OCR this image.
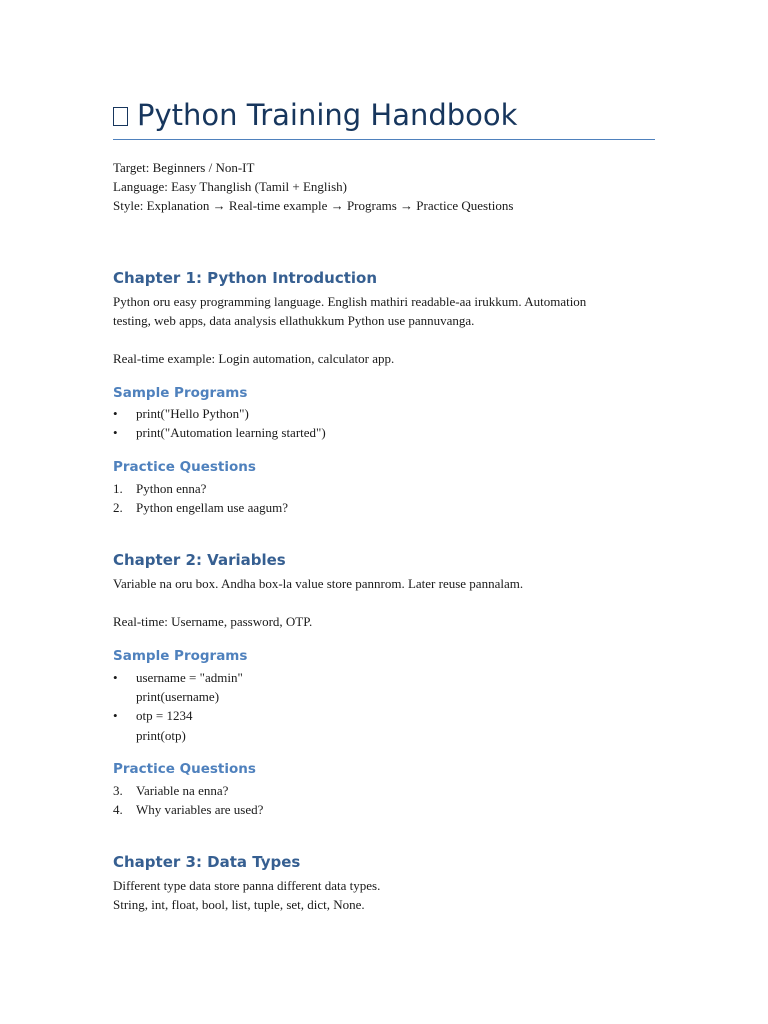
Python Training Handbook
Target: Beginners / Non-IT
Language: Easy Thanglish (Tamil + English)
Style: Explanation → Real-time example → Programs → Practice Questions
Chapter 1: Python Introduction
Python oru easy programming language. English mathiri readable-aa irukkum. Automation
testing, web apps, data analysis ellathukkum Python use pannuvanga.
Real-time example: Login automation, calculator app.
Sample Programs
•	print("Hello Python")
•	print("Automation learning started")
Practice Questions
1.	Python enna?
2.	Python engellam use aagum?
Chapter 2: Variables
Variable na oru box. Andha box-la value store pannrom. Later reuse pannalam.
Real-time: Username, password, OTP.
Sample Programs
•	username = "admin"
print(username)
•	otp = 1234
print(otp)
Practice Questions
3.	Variable na enna?
4.	Why variables are used?
Chapter 3: Data Types
Different type data store panna different data types.
String, int, float, bool, list, tuple, set, dict, None.
